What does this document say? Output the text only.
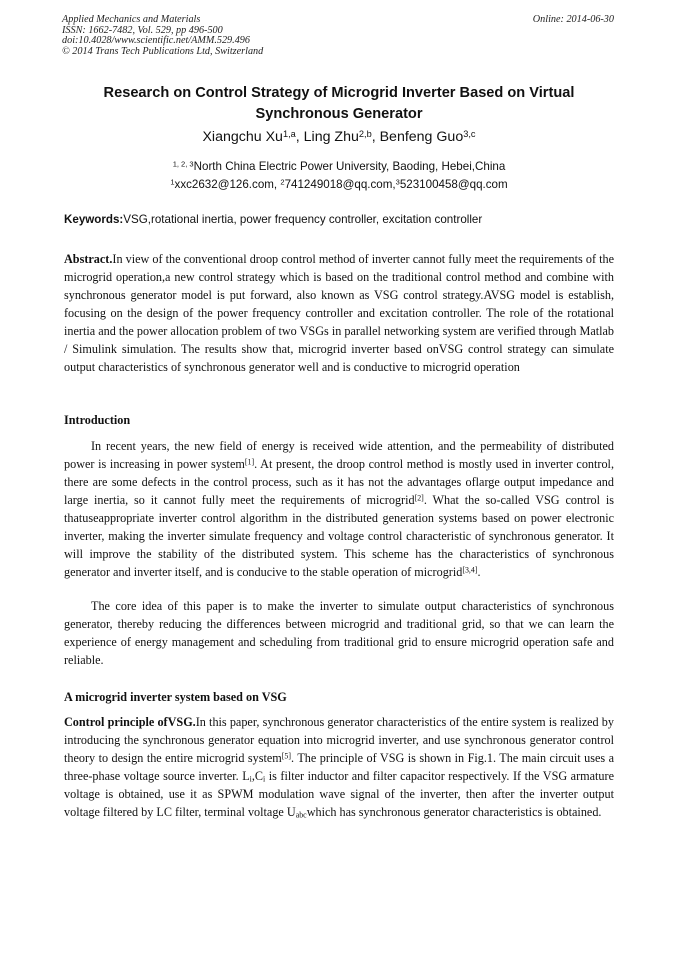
Applied Mechanics and Materials
ISSN: 1662-7482, Vol. 529, pp 496-500
doi:10.4028/www.scientific.net/AMM.529.496
© 2014 Trans Tech Publications Ltd, Switzerland
Online: 2014-06-30
Research on Control Strategy of Microgrid Inverter Based on Virtual Synchronous Generator
Xiangchu Xu$^{1,a}$, Ling Zhu$^{2,b}$, Benfeng Guo$^{3,c}$
$^{1, 2, 3}$North China Electric Power University, Baoding, Hebei,China
$^1$xxc2632@126.com, $^2$741249018@qq.com,$^3$523100458@qq.com
Keywords:VSG,rotational inertia, power frequency controller, excitation controller
Abstract.In view of the conventional droop control method of inverter cannot fully meet the requirements of the microgrid operation,a new control strategy which is based on the traditional control method and combine with synchronous generator model is put forward, also known as VSG control strategy.AVSG model is establish, focusing on the design of the power frequency controller and excitation controller. The role of the rotational inertia and the power allocation problem of two VSGs in parallel networking system are verified through Matlab / Simulink simulation. The results show that, microgrid inverter based onVSG control strategy can simulate output characteristics of synchronous generator well and is conductive to microgrid operation
Introduction
In recent years, the new field of energy is received wide attention, and the permeability of distributed power is increasing in power system[1]. At present, the droop control method is mostly used in inverter control, there are some defects in the control process, such as it has not the advantages oflarge output impedance and large inertia, so it cannot fully meet the requirements of microgrid[2]. What the so-called VSG control is thatuseappropriate inverter control algorithm in the distributed generation systems based on power electronic inverter, making the inverter simulate frequency and voltage control characteristic of synchronous generator. It will improve the stability of the distributed system. This scheme has the characteristics of synchronous generator and inverter itself, and is conducive to the stable operation of microgrid[3,4].
The core idea of this paper is to make the inverter to simulate output characteristics of synchronous generator, thereby reducing the differences between microgrid and traditional grid, so that we can learn the experience of energy management and scheduling from traditional grid to ensure microgrid operation safe and reliable.
A microgrid inverter system based on VSG
Control principle ofVSG.In this paper, synchronous generator characteristics of the entire system is realized by introducing the synchronous generator equation into microgrid inverter, and use synchronous generator control theory to design the entire microgrid system[5]. The principle of VSG is shown in Fig.1. The main circuit uses a three-phase voltage source inverter. $L_i,C_i$ is filter inductor and filter capacitor respectively. If the VSG armature voltage is obtained, use it as SPWM modulation wave signal of the inverter, then after the inverter output voltage filtered by LC filter, terminal voltage $U_{abc}which$ has synchronous generator characteristics is obtained.
